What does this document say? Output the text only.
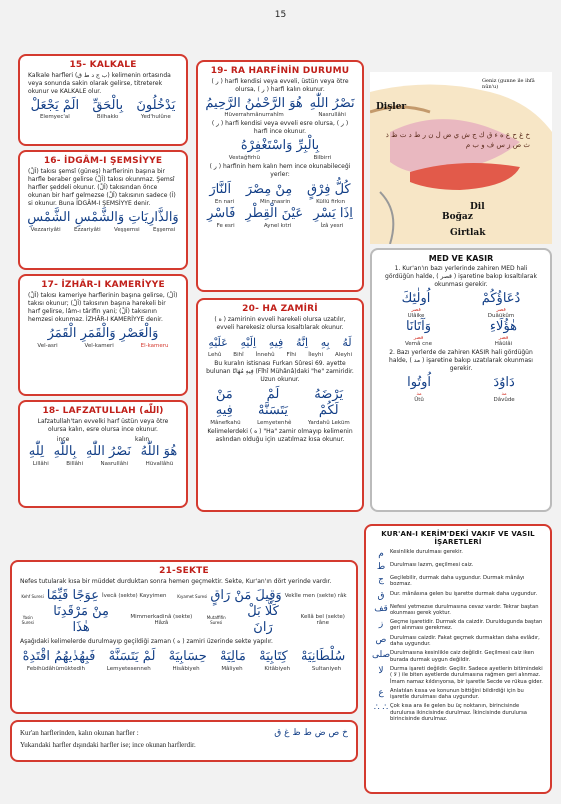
15
15- KALKALE
Kalkale harfleri (ب ج د ط ق) kelimenin ortasında veya sonunda sakin olarak gelirse, titreterek okunur ve KALKALE olur.
الَمْ يَجْعَلْ
Elemyec'al
بِالْحَقِّ
Bilhakkı
يَدْخُلُونَ
Yed'hulûne
16- İDGÂM-I ŞEMSİYYE
(اَلْ) takısı şemsî (güneş) harflerinin başına bir harfle beraber gelirse (اَلْ) takısı okunmaz. Şemsî harfler şeddeli okunur. (اَلْ) takısından önce okunan bir harf gelmezse (اَلْ) takısının sadece (اَ) si okunur. Buna İDGÂM-I ŞEMSİYYE denir.
وَالذَّارِيَاتِ وَالشَّمْسِ الشَّمْسِ
Vezzariyâti Ezzariyâti Veşşemsi Eşşemsi
17- İZHÂR-I KAMERİYYE
(اَلْ) takısı kameriye harflerinin başına gelirse, (اَلْ) takısı okunur; (اَلْ) takısının başına harekeli bir harf gelirse, lâm-ı târifin yani; (اَلْ) takısının hemzesi okunmaz. İZHÂR-I KAMERİYYE denir.
وَالْعَصْرِ وَالْقَمَرِ الْقَمَرُ
Vel-asri	Vel-kameri	El-kameru
18- LAFZATULLAH (اللّٰه)
Lafzatullah'tan evvelki harf üstün veya ötre olursa kalın, esre olursa ince okunur.
ince	kalın
لِلّٰهِ بِاللّٰهِ نَصْرُ اللّٰهِ هُوَ اللّٰهُ
Lillâhi	Billâhi	Nasrullâhi	Hüvallâhü
19- RA HARFİNİN DURUMU
( ر ) harfi kendisi veya evveli, üstün veya ötre olursa, ( ر ) harfi kalın okunur.
هُوَ الرَّحْمٰنُ الرَّحِيمُ
Hüverrahmânurrahîm
نَصْرُ اللّٰهِ
Nasrullâhi
( ر ) harfi kendisi veya evveli esre olursa, ( ر ) harfi ince okunur.
بِالْبِرِّ وَاسْتَغْفِرْهُ
Vestağfirhü	Bilbirri
( ر ) harfinin hem kalın hem ince okunabileceği yerler:
اَلنَّارَ مِنْ مِصْرَ كُلُّ فِرْقٍ
En nari	Min masrin	Küllü firkın
فَاسْرِ عَيْنَ الْقِطْرِ اِذَا يَسْرِ
Fe esri	Aynel kıtri	İzâ yesri
20- HA ZAMİRİ
( ه ) zamirinin evveli harekeli olursa uzatılır, evveli harekesiz olursa kısaltılarak okunur.
عَلَيْهِ اِلَيْهِ فِيهِ اِنَّهُ بِهِ لَهُ
Lehû Bihî İnnehû Fîhi İleyhi Aleyhi
Bu kuralın istisnası Furkan Sûresi 69. ayette bulunan فِيهِ مُهَانًا (Fîhî Mühânâ)daki "he" zamiridir. Uzun okunur.
مَنْ فِيهِ
لَمْ يَتَسَنَّهْ
يَرْضَهُ لَكُمْ
Mânefkahü	Lemyetenhê	Yardahû Leküm
Kelimelerdeki ( ه ) "Ha" zamir olmayıp kelimenin aslından olduğu için uzatılmaz kısa okunur.
Dişler
Geniz (gunne ile ihfâ nûn'u)
Dil
Boğaz
Girtlak
خ غ ح ع ه ء ق ك ج ش ي ض ل ن ر ط د ت ظ ذ ث ص ز س ف و ب م
MED VE KASIR
1. Kur'an'ın bazı yerlerinde zahiren MED hali gördüğün halde, ( قصر ) işaretine bakıp kısaltılarak okunması gerekir.
اُولٰئِكَ
قصر
Ulâike
دُعَاؤُكُمْ
قصر
Duâükûm
وَآتَانَا
قصر
Vemâ cne
هٰؤُلَاءِ
قصر
Hâülâi
2. Bazı yerlerde de zahiren KASIR hali gördüğün halde, ( مد ) işaretine bakıp uzatılarak okunması gerekir.
اُوتُوا
مد
Ûtû
دَاوُدَ
مد
Dâvûde
KUR'AN-I KERİM'DEKİ VAKIF VE VASIL İŞARETLERİ
م	Kesinlikle durulması gerekir.
ط Durulması lazım, geçilmesi caiz.
ج	Geçilebilir, durmak daha uygundur. Durmak mânâyı bozmaz.
ق	Dur. mânâsına gelen bu işarette durmak daha uygundur.
قف Nefesi yetmezse durulmasına cevaz vardır. Tekrar baştan okunması gerek yoktur.
ز	Geçme işaretidir. Durmak da caizdir. Duruldugunda baştan geri alınması gerekmez.
ص Durulması caizdir. Fakat geçmek durmaktan daha evlâdır, daha uygundur.
صلى Durulmasına kesinlikle caiz değildir. Geçilmesi caiz iken burada durmak uygun değildir.
لا	Durma işareti değildir. Geçilir. Sadece ayetlerin bitimindeki ( لا ) ile biten ayetlerde durulmasına rağmen geri alınmaz. İmam namaz kıldırıyorsa, bir işaretle Secde ve rükua gider.
ع	Anlatılan kıssa ve konunun bittiğini bildirdiği için bu işaretle durulması daha uygundur.
∴ ∴ Çok kısa ara ile gelen bu üç noktanın, birincisinde durulursa ikincisinde durulmaz. İkincisinde durulursa birincisinde durulmaz.
21-SEKTE
Nefes tutularak kısa bir müddet durduktan sonra hemen geçmektir. Sekte, Kur'an'ın dört yerinde vardır.
Kehf Suresi عِوَجًا قَيِّمًا İvecâ (sekte) Kayyimen	Kıyamet Suresi وَقِيلَ مَنْ رَاقٍ Vekîle men (sekte) râk
Yasin Suresi
مِنْ مَرْقَدِنَا هٰذَا
Mimmerkadinâ (sekte) Hâzâ
Mutaffifin Suresi
كَلَّا بَلْ رَانَ
Kellâ bel (sekte) râne
Aşağıdaki kelimelerde durulmayıp geçildiği zaman ( ه ) zamiri üzerinde sekte yapılır.
فَبِهُدٰيهُمُ اقْتَدِهْ لَمْ يَتَسَنَّهْ حِسَابِيَهْ مَالِيَهْ كِتَابِيَهْ سُلْطَانِيَهْ
Febihüdâhümüktedih	Lemyetesenneh	Hisâbiyeh	Mâliyeh	Kitâbiyeh	Sultaniyeh
Kur'an harflerinden, kalın okunan harfler :	خ ص ض ط ظ غ ق
Yukarıdaki harfler dışındaki harfler ise; ince okunan harflerdir.
